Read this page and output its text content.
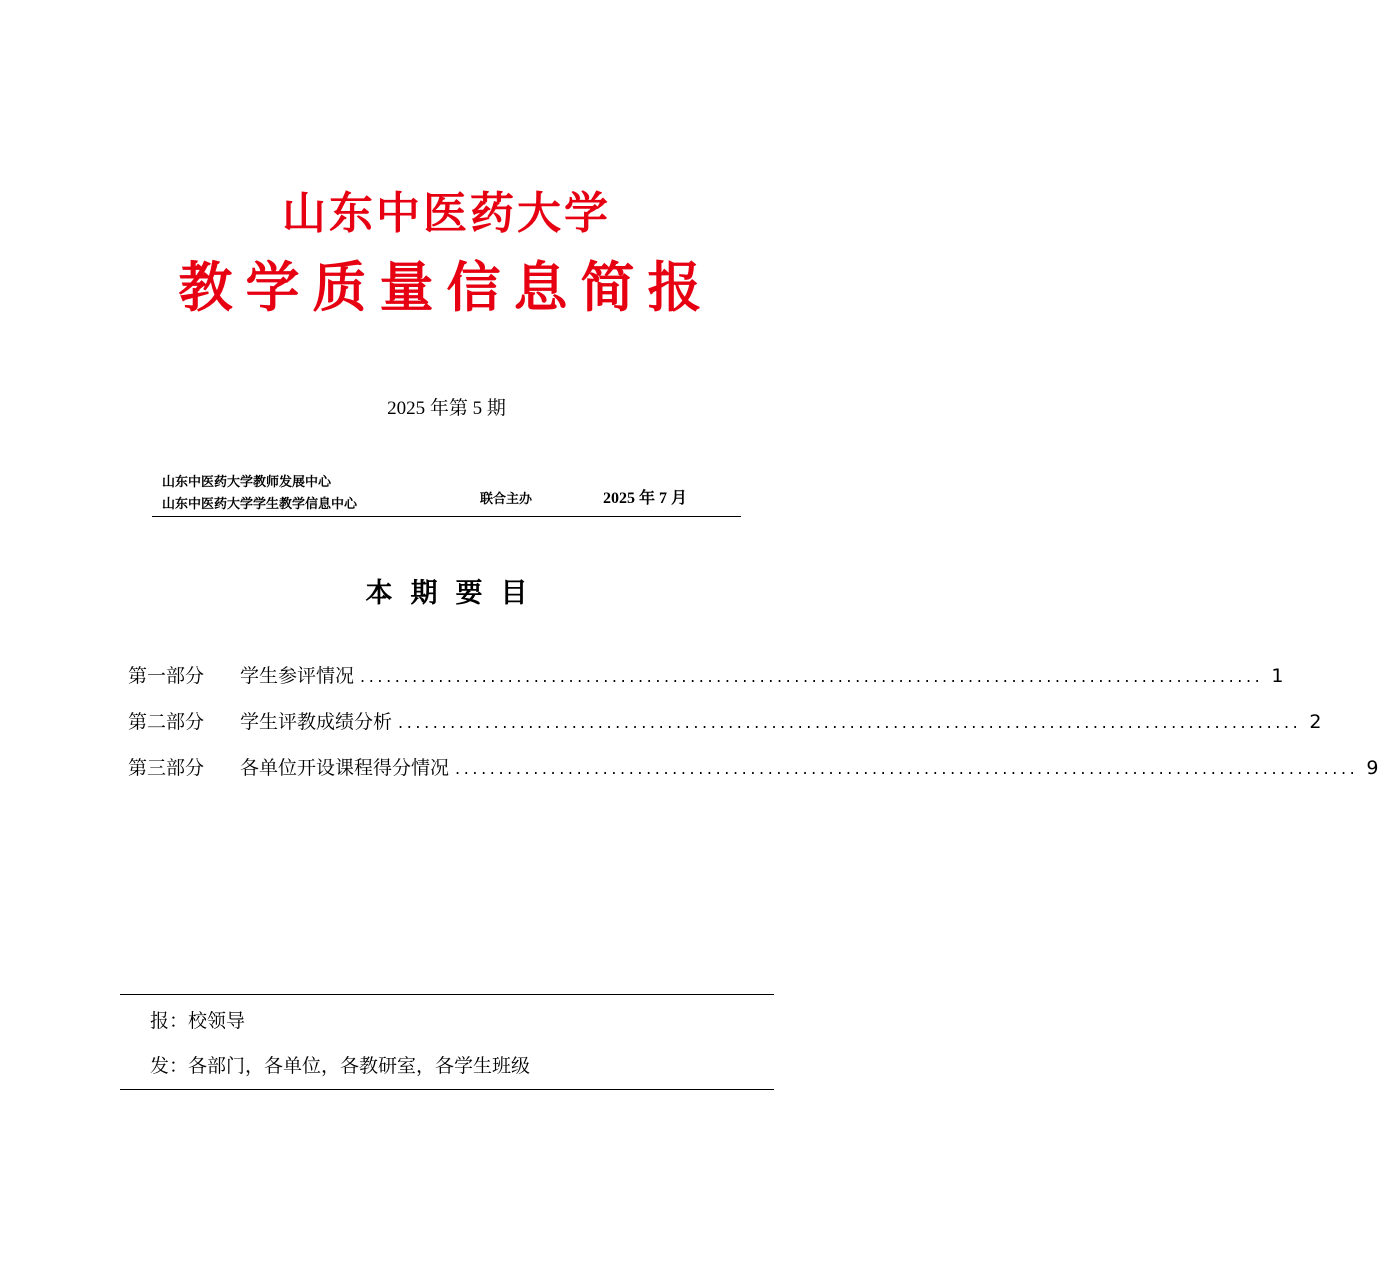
山东中医药大学
教学质量信息简报
2025 年第 5 期
山东中医药大学教师发展中心
山东中医药大学学生教学信息中心	联合主办	2025 年 7 月
本期要目
第一部分	学生参评情况 ........................................................................................................ 1
第二部分	学生评教成绩分析 ........................................................................................................ 2
第三部分	各单位开设课程得分情况 ........................................................................................................ 9
报：校领导
发：各部门，各单位，各教研室，各学生班级
